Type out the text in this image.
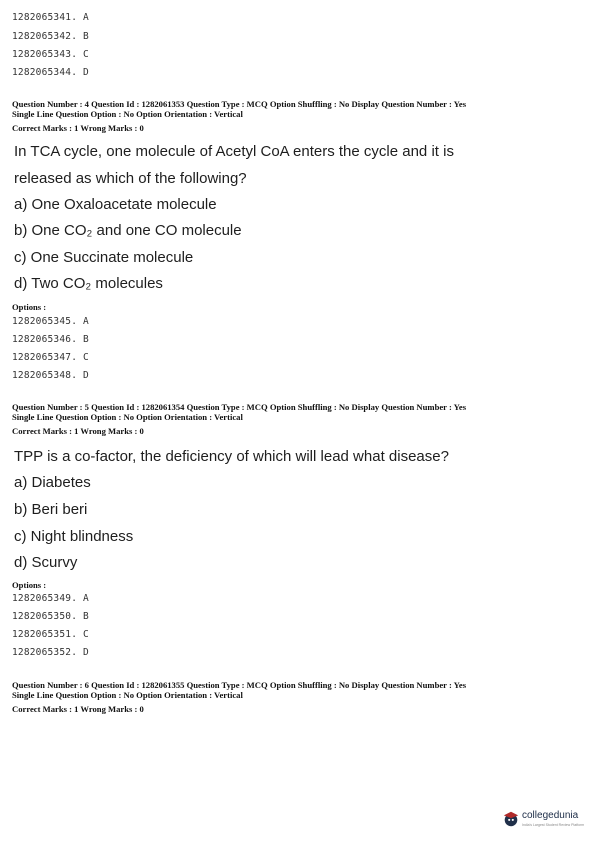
1282065341. A
1282065342. B
1282065343. C
1282065344. D
Question Number : 4 Question Id : 1282061353 Question Type : MCQ Option Shuffling : No Display Question Number : Yes
Single Line Question Option : No Option Orientation : Vertical
Correct Marks : 1 Wrong Marks : 0
In TCA cycle, one molecule of Acetyl CoA enters the cycle and it is
released as which of the following?
a) One Oxaloacetate molecule
b) One CO₂ and one CO molecule
c) One Succinate molecule
d) Two CO₂ molecules
Options :
1282065345. A
1282065346. B
1282065347. C
1282065348. D
Question Number : 5 Question Id : 1282061354 Question Type : MCQ Option Shuffling : No Display Question Number : Yes
Single Line Question Option : No Option Orientation : Vertical
Correct Marks : 1 Wrong Marks : 0
TPP is a co-factor, the deficiency of which will lead what disease?
a) Diabetes
b) Beri beri
c) Night blindness
d) Scurvy
Options :
1282065349. A
1282065350. B
1282065351. C
1282065352. D
Question Number : 6 Question Id : 1282061355 Question Type : MCQ Option Shuffling : No Display Question Number : Yes
Single Line Question Option : No Option Orientation : Vertical
Correct Marks : 1 Wrong Marks : 0
collegedunia
India's Largest Student Review Platform
